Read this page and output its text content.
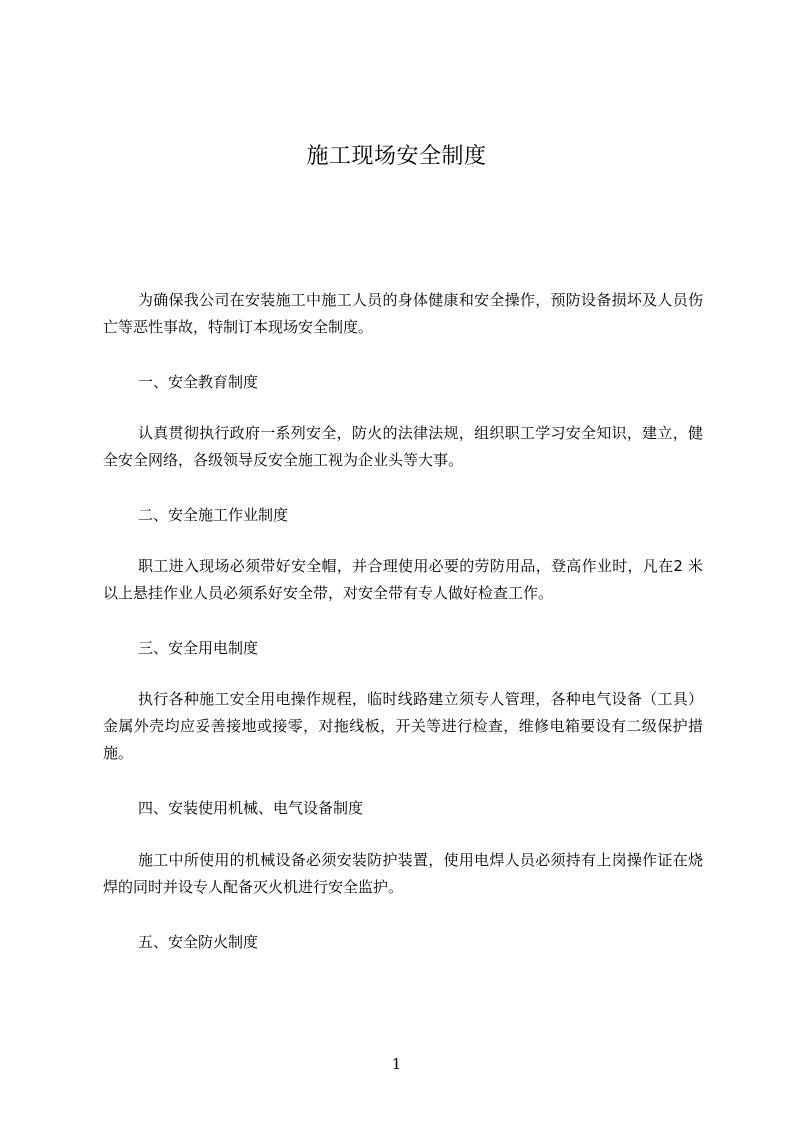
施工现场安全制度

为确保我公司在安装施工中施工人员的身体健康和安全操作，预防设备损坏及人员伤亡等恶性事故，特制订本现场安全制度。

一、安全教育制度

认真贯彻执行政府一系列安全，防火的法律法规，组织职工学习安全知识，建立，健全安全网络，各级领导反安全施工视为企业头等大事。

二、安全施工作业制度

职工进入现场必须带好安全帽，并合理使用必要的劳防用品，登高作业时，凡在2 米以上悬挂作业人员必须系好安全带，对安全带有专人做好检查工作。

三、安全用电制度

执行各种施工安全用电操作规程，临时线路建立须专人管理，各种电气设备（工具）金属外壳均应妥善接地或接零，对拖线板，开关等进行检查，维修电箱要设有二级保护措施。

四、安装使用机械、电气设备制度

施工中所使用的机械设备必须安装防护装置，使用电焊人员必须持有上岗操作证在烧焊的同时并设专人配备灭火机进行安全监护。

五、安全防火制度

1
